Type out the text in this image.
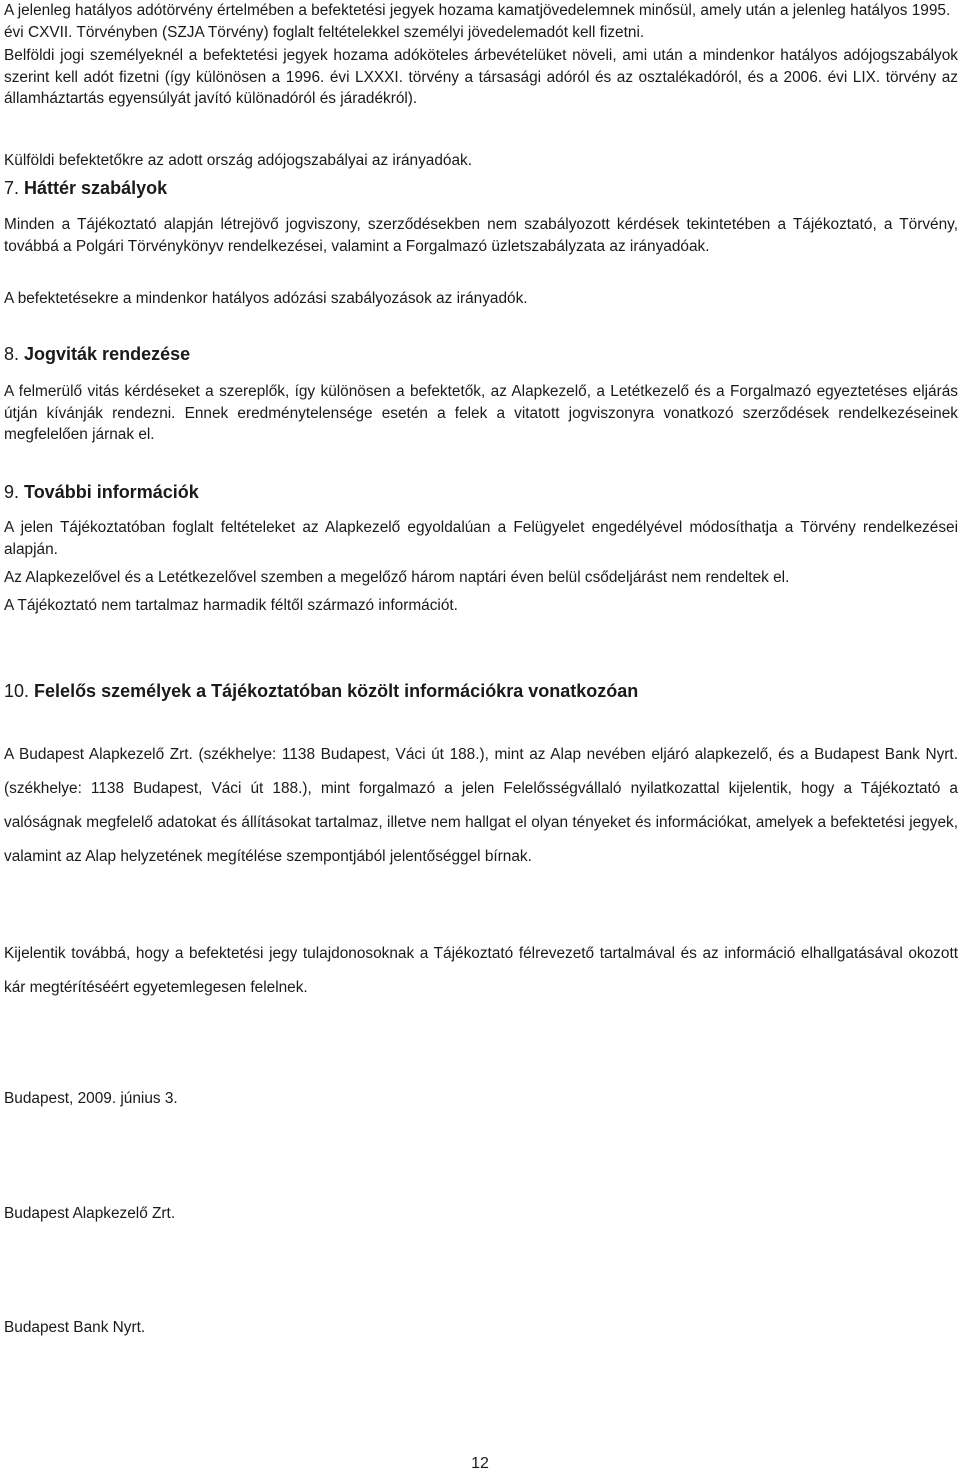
A jelenleg hatályos adótörvény értelmében a befektetési jegyek hozama kamatjövedelemnek minősül, amely után a jelenleg hatályos 1995. évi CXVII. Törvényben (SZJA Törvény) foglalt feltételekkel személyi jövedelemadót kell fizetni.

Belföldi jogi személyeknél a befektetési jegyek hozama adóköteles árbevételüket növeli, ami után a mindenkor hatályos adójogszabályok szerint kell adót fizetni (így különösen a 1996. évi LXXXI. törvény a társasági adóról és az osztalékadóról, és a 2006. évi LIX. törvény az államháztartás egyensúlyát javító különadóról és járadékról).

Külföldi befektetőkre az adott ország adójogszabályai az irányadóak.

7. Háttér szabályok

Minden a Tájékoztató alapján létrejövő jogviszony, szerződésekben nem szabályozott kérdések tekintetében a Tájékoztató, a Törvény, továbbá a Polgári Törvénykönyv rendelkezései, valamint a Forgalmazó üzletszabályzata az irányadóak.

A befektetésekre a mindenkor hatályos adózási szabályozások az irányadók.

8. Jogviták rendezése

A felmerülő vitás kérdéseket a szereplők, így különösen a befektetők, az Alapkezelő, a Letétkezelő és a Forgalmazó egyeztetéses eljárás útján kívánják rendezni. Ennek eredménytelensége esetén a felek a vitatott jogviszonyra vonatkozó szerződések rendelkezéseinek megfelelően járnak el.

9. További információk

A jelen Tájékoztatóban foglalt feltételeket az Alapkezelő egyoldalúan a Felügyelet engedélyével módosíthatja a Törvény rendelkezései alapján.

Az Alapkezelővel és a Letétkezelővel szemben a megelőző három naptári éven belül csődeljárást nem rendeltek el.

A Tájékoztató nem tartalmaz harmadik féltől származó információt.

10. Felelős személyek a Tájékoztatóban közölt információkra vonatkozóan

A Budapest Alapkezelő Zrt. (székhelye: 1138 Budapest, Váci út 188.), mint az Alap nevében eljáró alapkezelő, és a Budapest Bank Nyrt. (székhelye: 1138 Budapest, Váci út 188.), mint forgalmazó a jelen Felelősségvállaló nyilatkozattal kijelentik, hogy a Tájékoztató a valóságnak megfelelő adatokat és állításokat tartalmaz, illetve nem hallgat el olyan tényeket és információkat, amelyek a befektetési jegyek, valamint az Alap helyzetének megítélése szempontjából jelentőséggel bírnak.

Kijelentik továbbá, hogy a befektetési jegy tulajdonosoknak a Tájékoztató félrevezető tartalmával és az információ elhallgatásával okozott kár megtérítéséért egyetemlegesen felelnek.

Budapest, 2009. június 3.
Budapest Alapkezelő Zrt.
Budapest Bank Nyrt.
12
